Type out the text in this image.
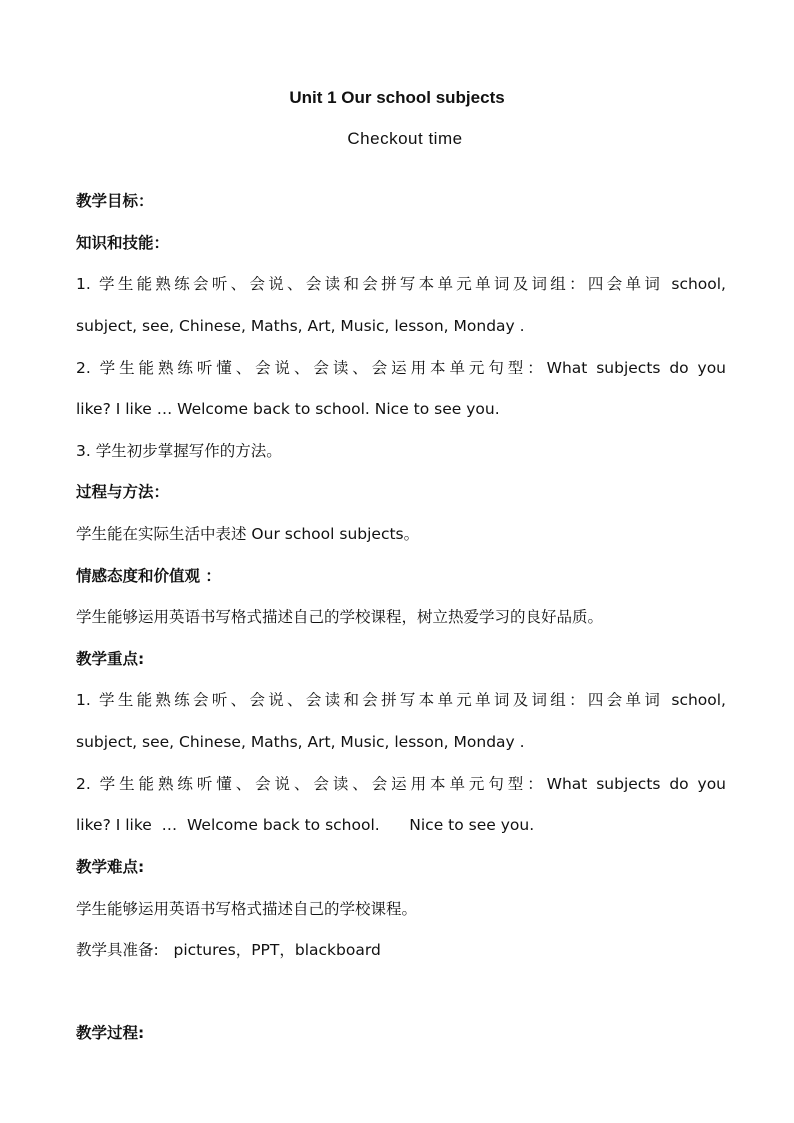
Unit 1 Our school subjects
Checkout time
教学目标：
知识和技能：
1. 学生能熟练会听、会说、会读和会拼写本单元单词及词组：四会单词 school,
subject, see, Chinese, Maths, Art, Music, lesson, Monday .
2. 学生能熟练听懂、会说、会读、会运用本单元句型：What subjects do you
like? I like … Welcome back to school. Nice to see you.
3. 学生初步掌握写作的方法。
过程与方法：
学生能在实际生活中表述 Our school subjects。
情感态度和价值观 ：
学生能够运用英语书写格式描述自己的学校课程，树立热爱学习的良好品质。
教学重点:
1. 学生能熟练会听、会说、会读和会拼写本单元单词及词组：四会单词 school,
subject, see, Chinese, Maths, Art, Music, lesson, Monday .
2. 学生能熟练听懂、会说、会读、会运用本单元句型：What subjects do you
like? I like  …  Welcome back to school.      Nice to see you.
教学难点:
学生能够运用英语书写格式描述自己的学校课程。
教学具准备:   pictures，PPT，blackboard
教学过程:
